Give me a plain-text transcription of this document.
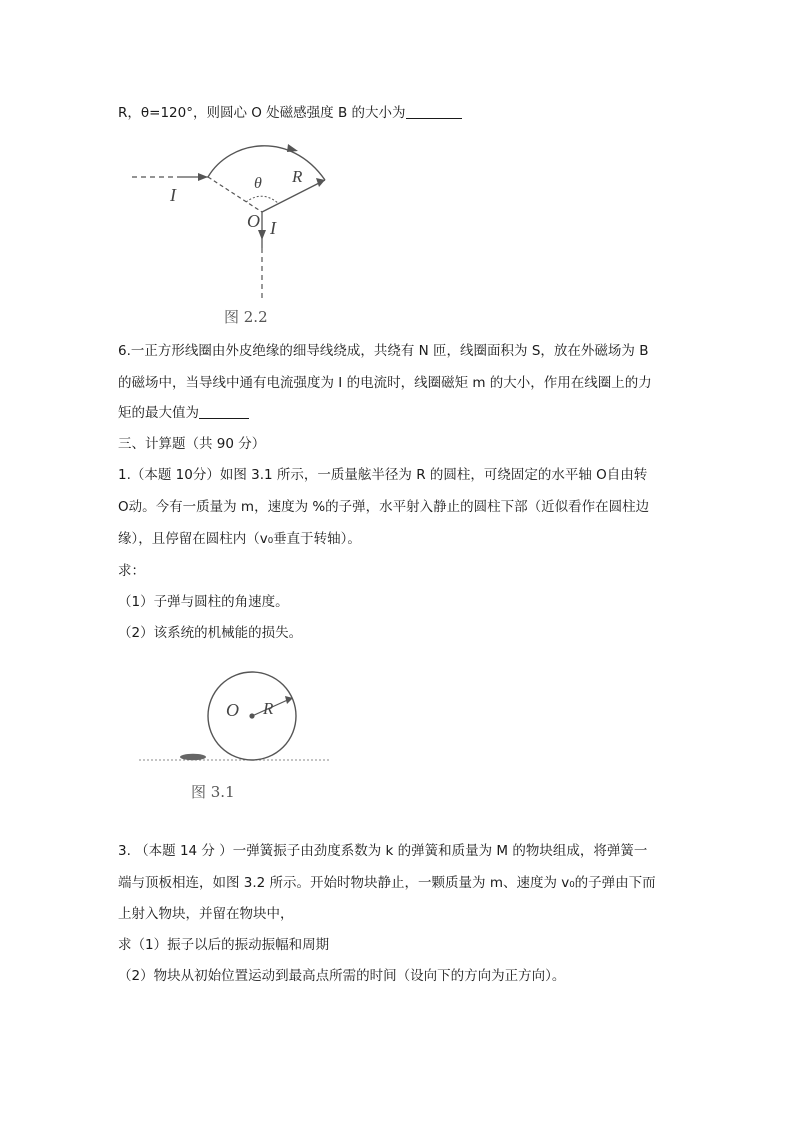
R，θ=120°，则圆心 O 处磁感强度 B 的大小为
I
θ R
O I
图 2.2
6.一正方形线圈由外皮绝缘的细导线绕成，共绕有 N 匝，线圈面积为 S，放在外磁场为 B
的磁场中，当导线中通有电流强度为 I 的电流时，线圈磁矩 m 的大小，作用在线圈上的力
矩的最大值为
三、计算题（共 90 分）
1.（本题 10分）如图 3.1 所示，一质量舷半径为 R 的圆柱，可绕固定的水平轴 O自由转
O动。今有一质量为 m，速度为 %的子弹，水平射入静止的圆柱下部（近似看作在圆柱边
缘），且停留在圆柱内（v₀垂直于转轴）。
求：
（1）子弹与圆柱的角速度。
（2）该系统的机械能的损失。
O R
图 3.1
3. （本题 14 分 ）一弹簧振子由劲度系数为 k 的弹簧和质量为 M 的物块组成，将弹簧一
端与顶板相连，如图 3.2 所示。开始时物块静止，一颗质量为 m、速度为 v₀的子弹由下而
上射入物块，并留在物块中，
求（1）振子以后的振动振幅和周期
（2）物块从初始位置运动到最高点所需的时间（设向下的方向为正方向）。
